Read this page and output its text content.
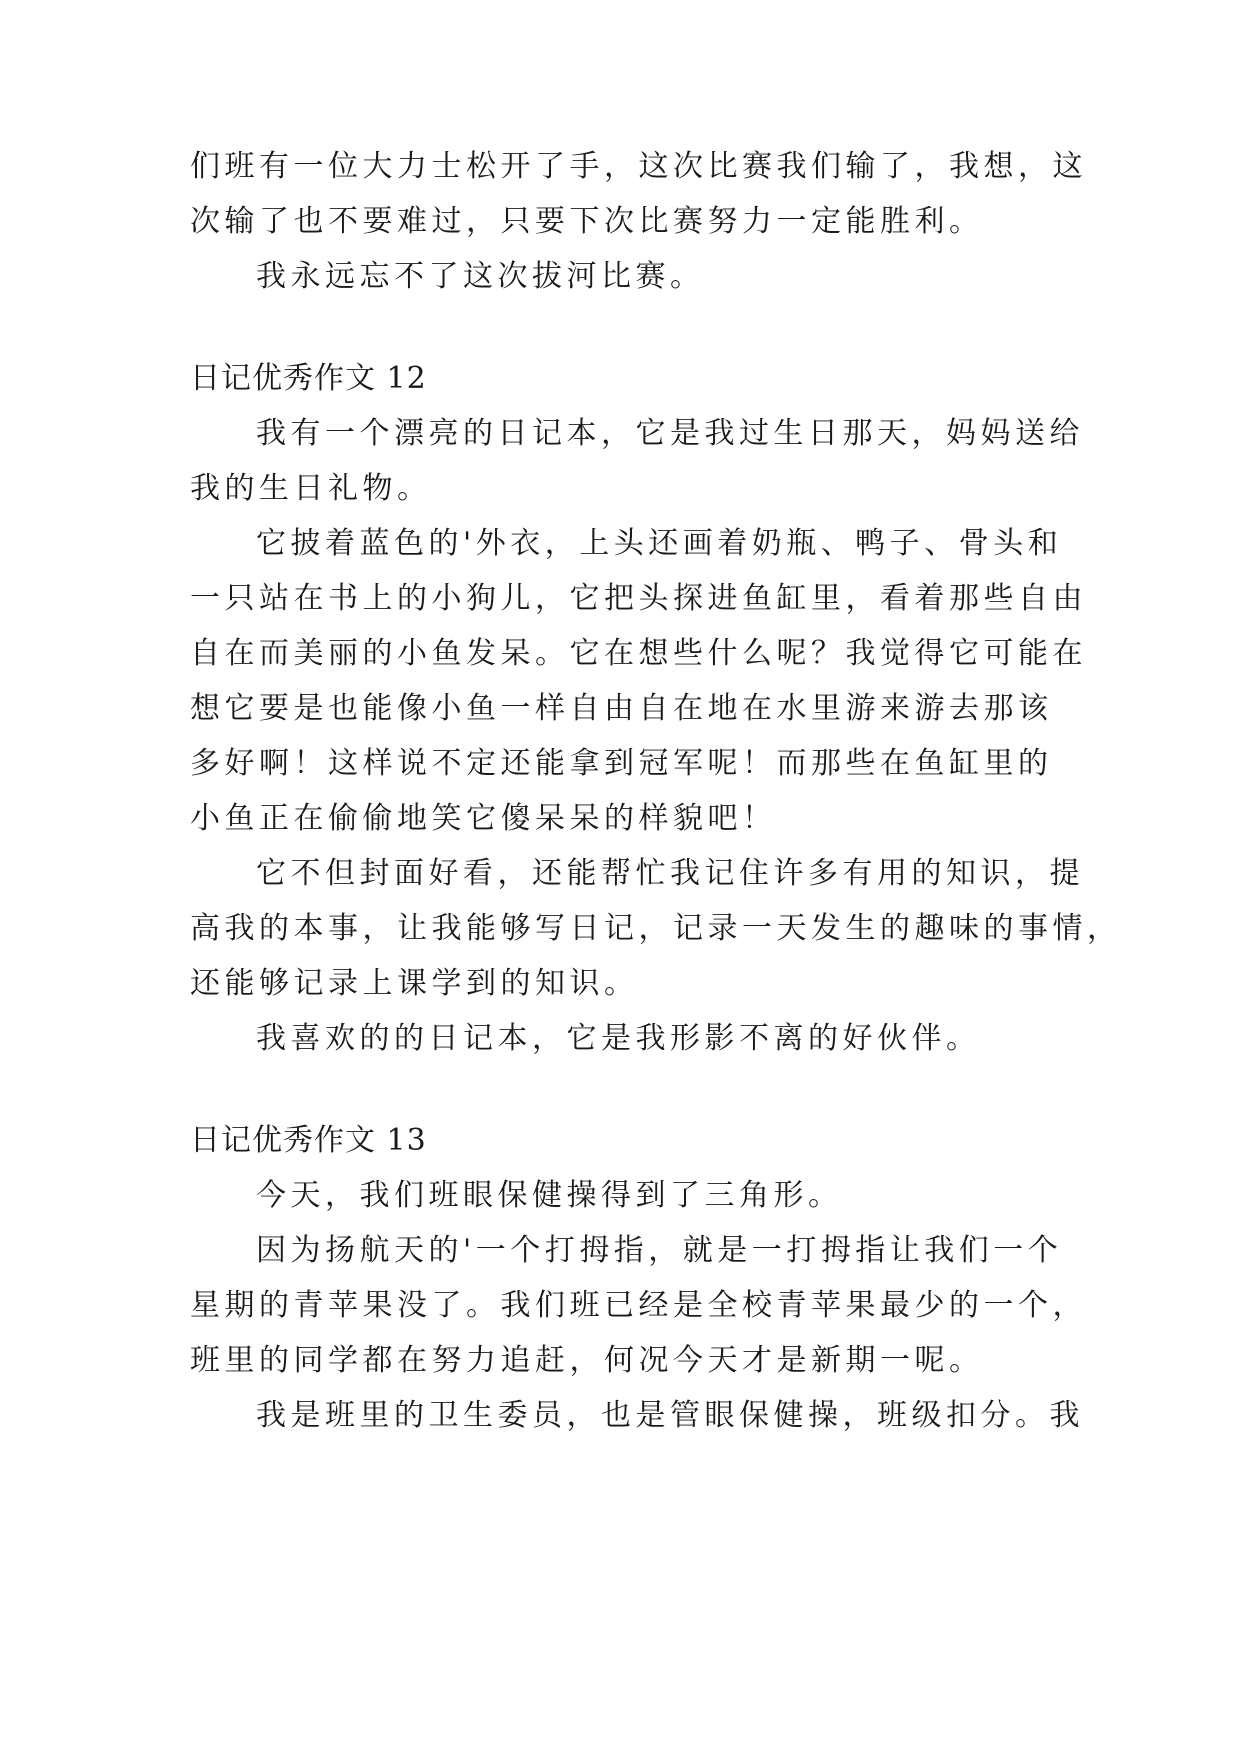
们班有一位大力士松开了手，这次比赛我们输了，我想，这
次输了也不要难过，只要下次比赛努力一定能胜利。
我永远忘不了这次拔河比赛。
日记优秀作文 12
我有一个漂亮的日记本，它是我过生日那天，妈妈送给
我的生日礼物。
它披着蓝色的'外衣，上头还画着奶瓶、鸭子、骨头和
一只站在书上的小狗儿，它把头探进鱼缸里，看着那些自由
自在而美丽的小鱼发呆。它在想些什么呢？我觉得它可能在
想它要是也能像小鱼一样自由自在地在水里游来游去那该
多好啊！这样说不定还能拿到冠军呢！而那些在鱼缸里的
小鱼正在偷偷地笑它傻呆呆的样貌吧！
它不但封面好看，还能帮忙我记住许多有用的知识，提
高我的本事，让我能够写日记，记录一天发生的趣味的事情，
还能够记录上课学到的知识。
我喜欢的的日记本，它是我形影不离的好伙伴。
日记优秀作文 13
今天，我们班眼保健操得到了三角形。
因为扬航天的'一个打拇指，就是一打拇指让我们一个
星期的青苹果没了。我们班已经是全校青苹果最少的一个，
班里的同学都在努力追赶，何况今天才是新期一呢。
我是班里的卫生委员，也是管眼保健操，班级扣分。我
